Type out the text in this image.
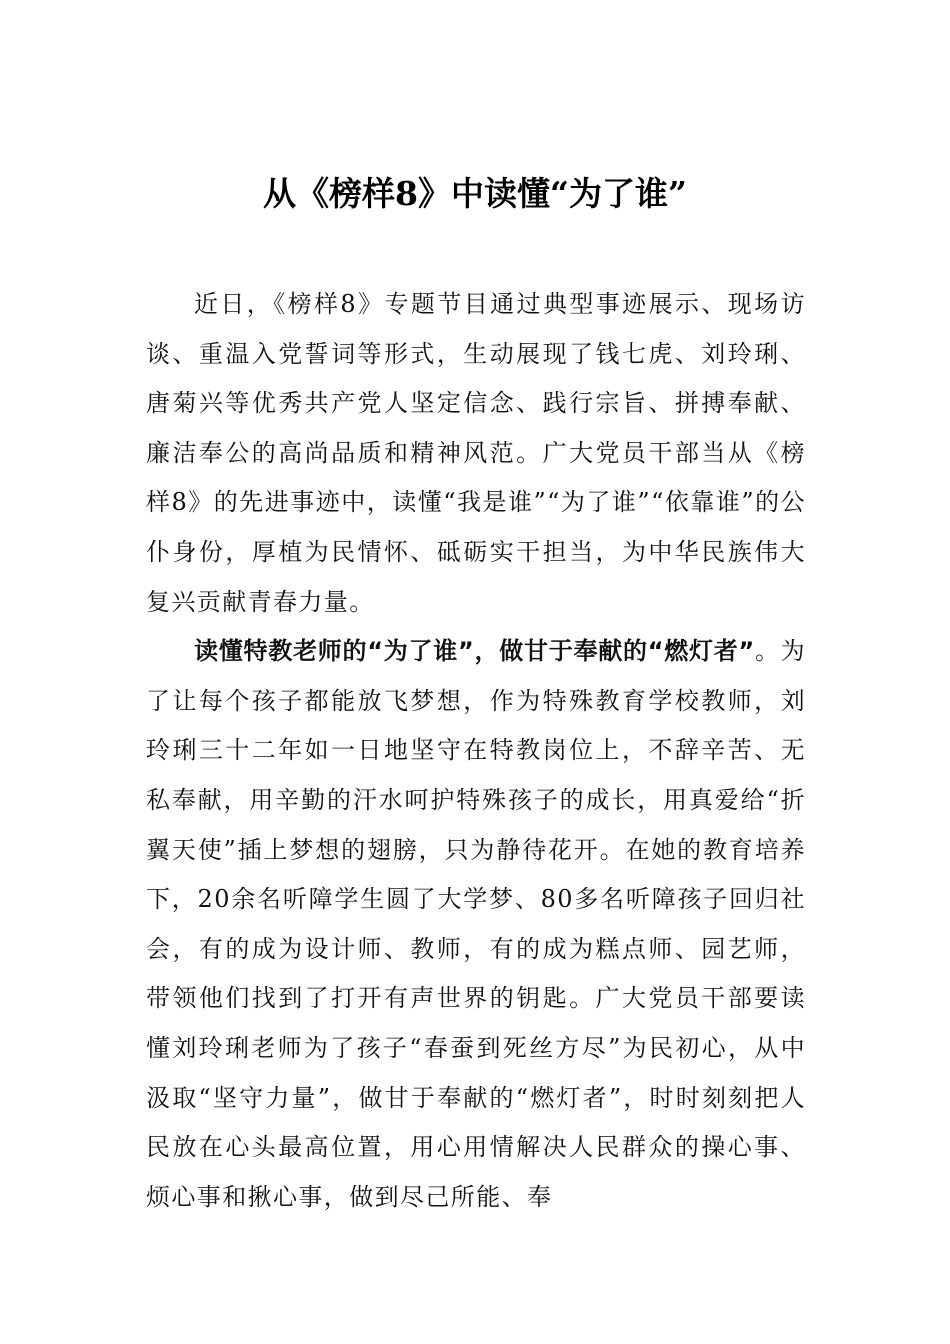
从《榜样8》中读懂“为了谁”

近日，《榜样8》专题节目通过典型事迹展示、现场访谈、重温入党誓词等形式，生动展现了钱七虎、刘玲琍、唐菊兴等优秀共产党人坚定信念、践行宗旨、拼搏奉献、廉洁奉公的高尚品质和精神风范。广大党员干部当从《榜样8》的先进事迹中，读懂“我是谁”“为了谁”“依靠谁”的公仆身份，厚植为民情怀、砥砺实干担当，为中华民族伟大复兴贡献青春力量。

读懂特教老师的“为了谁”，做甘于奉献的“燃灯者”。为了让每个孩子都能放飞梦想，作为特殊教育学校教师，刘玲琍三十二年如一日地坚守在特教岗位上，不辞辛苦、无私奉献，用辛勤的汗水呵护特殊孩子的成长，用真爱给“折翼天使”插上梦想的翅膀，只为静待花开。在她的教育培养下，20余名听障学生圆了大学梦、80多名听障孩子回归社会，有的成为设计师、教师，有的成为糕点师、园艺师，带领他们找到了打开有声世界的钥匙。广大党员干部要读懂刘玲琍老师为了孩子“春蚕到死丝方尽”为民初心，从中汲取“坚守力量”，做甘于奉献的“燃灯者”，时时刻刻把人民放在心头最高位置，用心用情解决人民群众的操心事、烦心事和揪心事，做到尽己所能、奉
